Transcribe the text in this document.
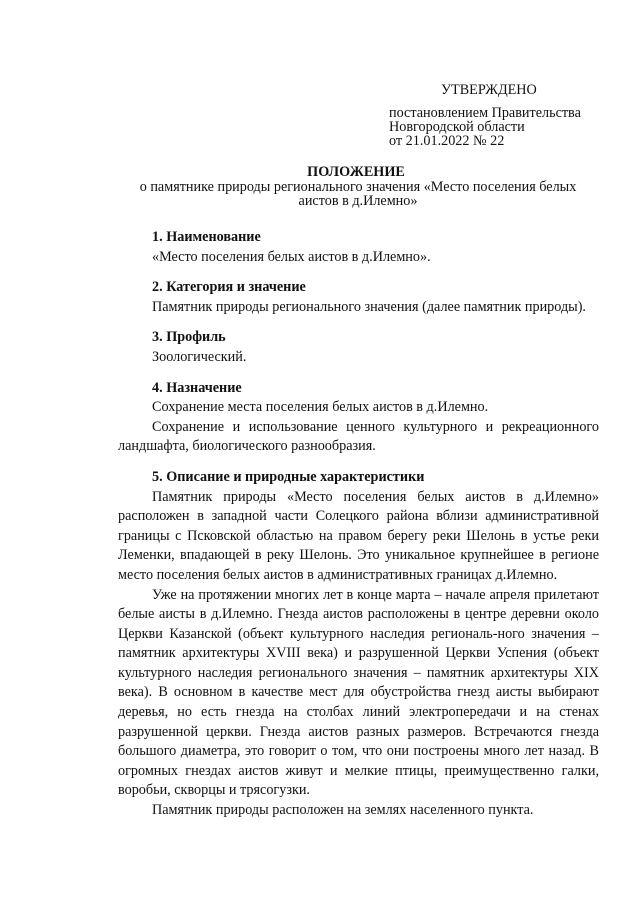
УТВЕРЖДЕНО
постановлением Правительства
Новгородской области
от 21.01.2022 № 22
ПОЛОЖЕНИЕ
о памятнике природы регионального значения «Место поселения белых аистов в д.Илемно»
1. Наименование

«Место поселения белых аистов в д.Илемно».

2. Категория и значение

Памятник природы регионального значения (далее памятник природы).

3. Профиль

Зоологический.

4. Назначение

Сохранение места поселения белых аистов в д.Илемно.

Сохранение и использование ценного культурного и рекреационного ландшафта, биологического разнообразия.

5. Описание и природные характеристики

Памятник природы «Место поселения белых аистов в д.Илемно» расположен в западной части Солецкого района вблизи административной границы с Псковской областью на правом берегу реки Шелонь в устье реки Леменки, впадающей в реку Шелонь. Это уникальное крупнейшее в регионе место поселения белых аистов в административных границах д.Илемно.

Уже на протяжении многих лет в конце марта – начале апреля прилетают белые аисты в д.Илемно. Гнезда аистов расположены в центре деревни около Церкви Казанской (объект культурного наследия региональ-ного значения – памятник архитектуры XVIII века) и разрушенной Церкви Успения (объект культурного наследия регионального значения – памятник архитектуры XIX века). В основном в качестве мест для обустройства гнезд аисты выбирают деревья, но есть гнезда на столбах линий электропередачи и на стенах разрушенной церкви. Гнезда аистов разных размеров. Встречаются гнезда большого диаметра, это говорит о том, что они построены много лет назад. В огромных гнездах аистов живут и мелкие птицы, преимущественно галки, воробьи, скворцы и трясогузки.

Памятник природы расположен на землях населенного пункта.
